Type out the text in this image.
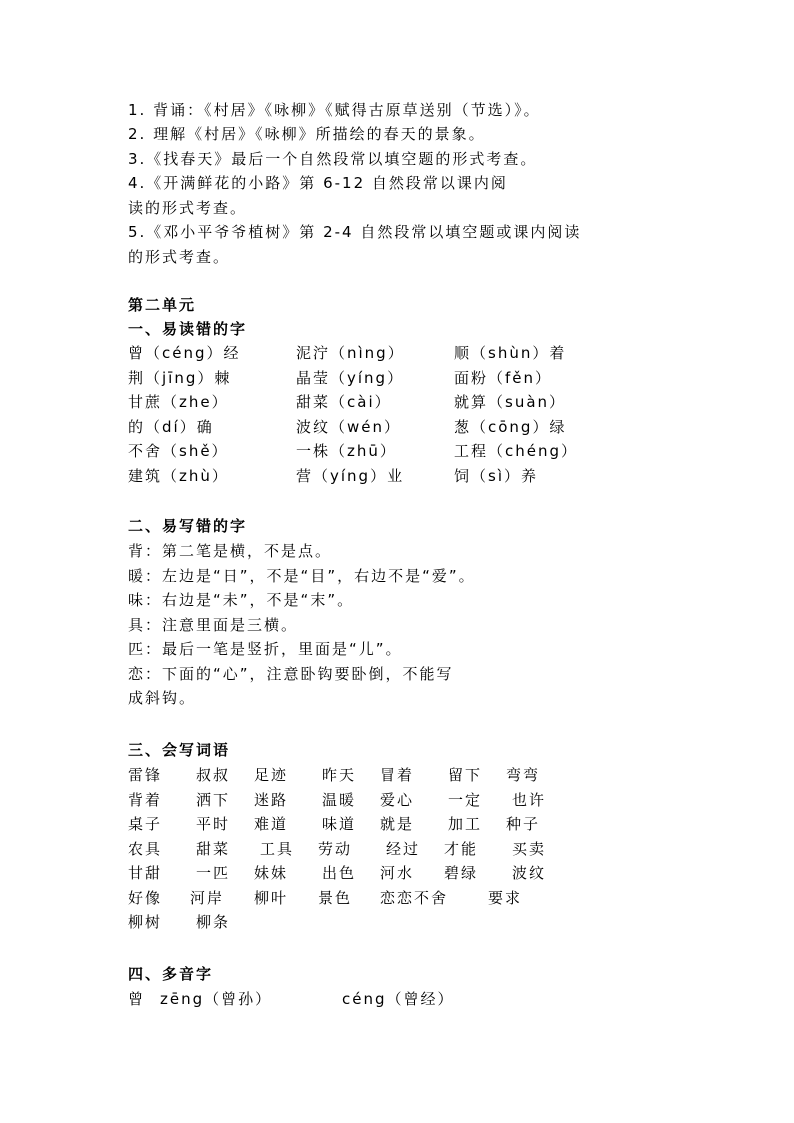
1. 背诵：《村居》《咏柳》《赋得古原草送别（节选）》。
2. 理解《村居》《咏柳》所描绘的春天的景象。
3.《找春天》最后一个自然段常以填空题的形式考查。
4.《开满鲜花的小路》第 6-12 自然段常以课内阅
读的形式考查。
5.《邓小平爷爷植树》第 2-4 自然段常以填空题或课内阅读
的形式考查。
第二单元
一、易读错的字
曾（céng）经	泥泞（nìng）	顺（shùn）着
荆（jīng）棘	晶莹（yíng）	面粉（fěn）
甘蔗（zhe）	甜菜（cài）	就算（suàn）
的（dí）确	波纹（wén）	葱（cōng）绿
不舍（shě）	一株（zhū）	工程（chéng）
建筑（zhù）	营（yíng）业	饲（sì）养
二、易写错的字
背：第二笔是横，不是点。
暖：左边是“日”，不是“目”，右边不是“爱”。
味：右边是“未”，不是“末”。
具：注意里面是三横。
匹：最后一笔是竖折，里面是“儿”。
恋：下面的“心”，注意卧钩要卧倒，不能写
成斜钩。
三、会写词语
雷锋 叔叔 足迹 昨天 冒着 留下 弯弯
背着 洒下 迷路 温暖 爱心 一定 也许
桌子 平时 难道 味道 就是 加工 种子
农具 甜菜 工具 劳动 经过 才能 买卖
甘甜 一匹 妹妹 出色 河水 碧绿 波纹
好像 河岸 柳叶 景色 恋恋不舍	要求
柳树 柳条
四、多音字
曾 zēng（曾孙）	céng（曾经）
